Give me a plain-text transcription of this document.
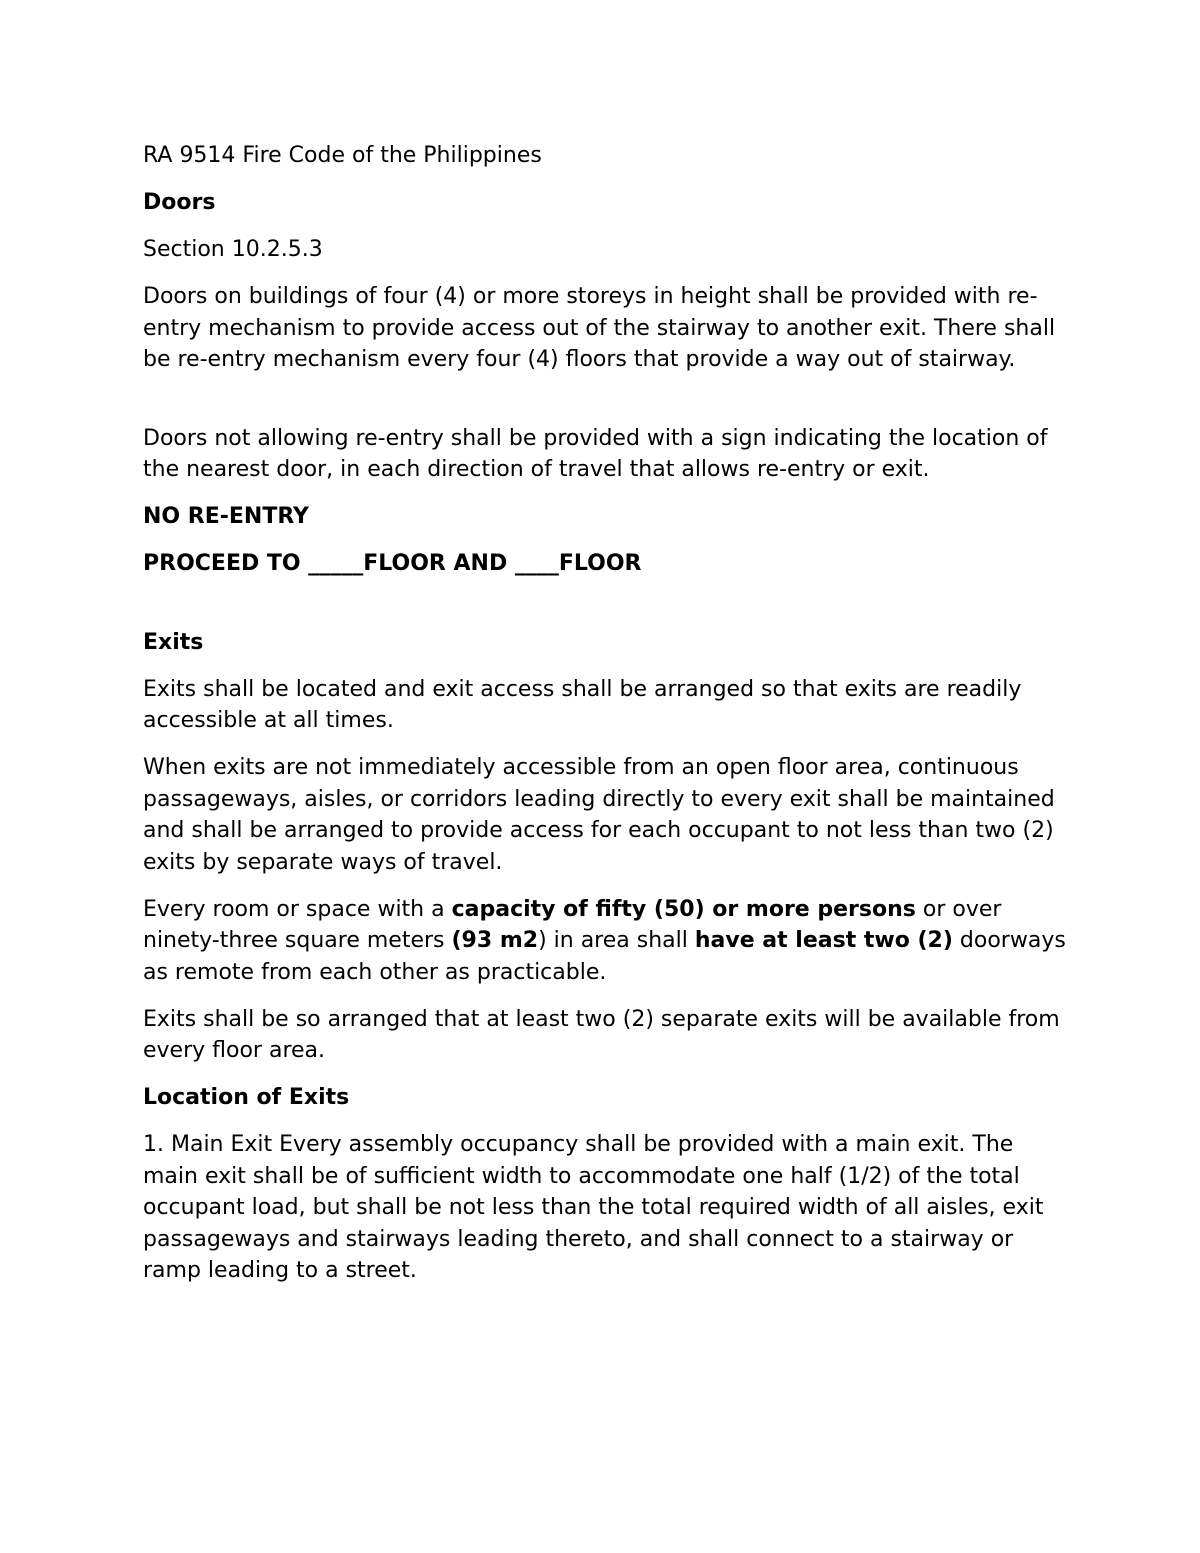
RA 9514 Fire Code of the Philippines

Doors

Section 10.2.5.3

Doors on buildings of four (4) or more storeys in height shall be provided with re-entry mechanism to provide access out of the stairway to another exit. There shall be re-entry mechanism every four (4) floors that provide a way out of stairway.

Doors not allowing re-entry shall be provided with a sign indicating the location of the nearest door, in each direction of travel that allows re-entry or exit.

NO RE-ENTRY

PROCEED TO _____FLOOR AND ____FLOOR

Exits

Exits shall be located and exit access shall be arranged so that exits are readily accessible at all times.

When exits are not immediately accessible from an open floor area, continuous passageways, aisles, or corridors leading directly to every exit shall be maintained and shall be arranged to provide access for each occupant to not less than two (2) exits by separate ways of travel.

Every room or space with a capacity of fifty (50) or more persons or over ninety-three square meters (93 m2) in area shall have at least two (2) doorways as remote from each other as practicable.

Exits shall be so arranged that at least two (2) separate exits will be available from every floor area.

Location of Exits

1. Main Exit Every assembly occupancy shall be provided with a main exit. The main exit shall be of sufficient width to accommodate one half (1/2) of the total occupant load, but shall be not less than the total required width of all aisles, exit passageways and stairways leading thereto, and shall connect to a stairway or ramp leading to a street.
